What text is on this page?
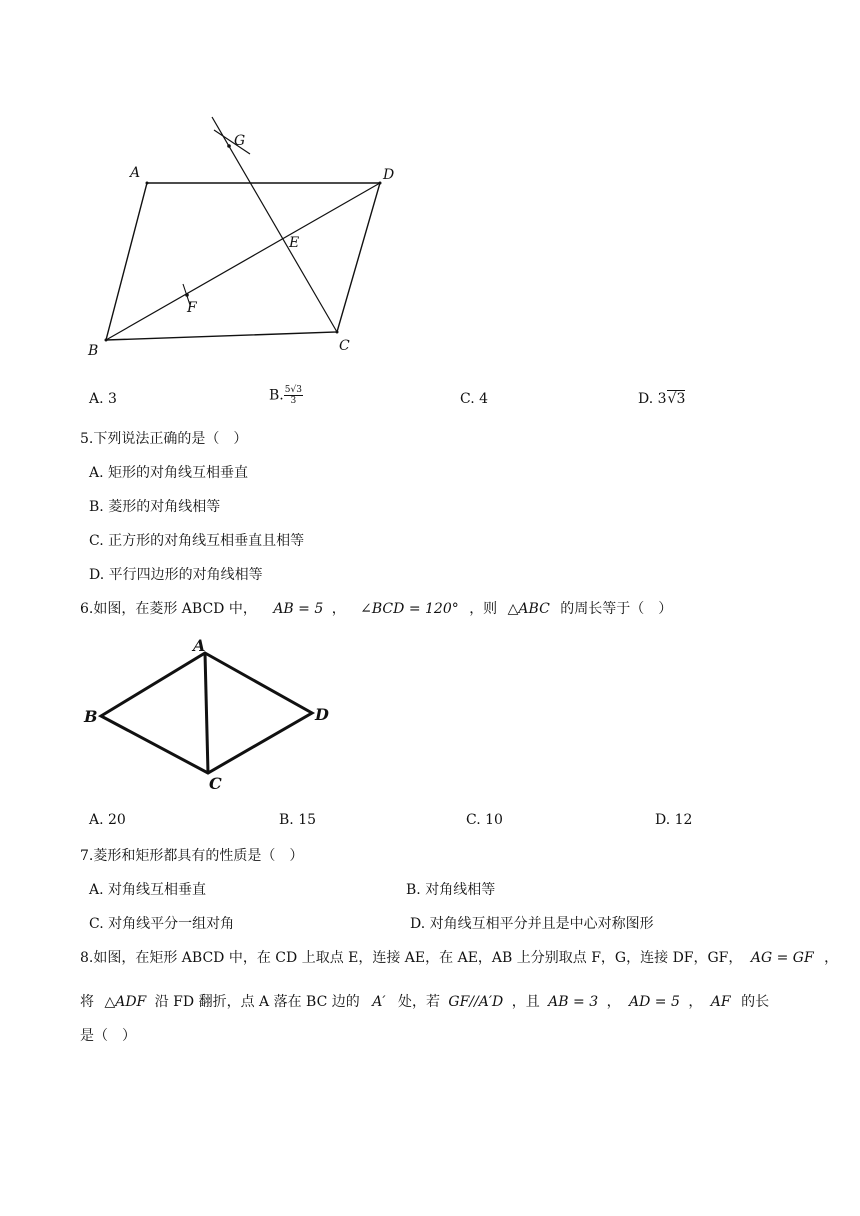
A	D
G
E
F
B	C
A. 3	B. $\frac{5√3}{3}$	C. 4	D. 3√3
5.下列说法正确的是（　）
A. 矩形的对角线互相垂直
B. 菱形的对角线相等
C. 正方形的对角线互相垂直且相等
D. 平行四边形的对角线相等
6.如图，在菱形 ABCD 中， AB = 5 ， ∠BCD = 120° ，则 △ABC 的周长等于（　）
A
B	D
C
A. 20	B. 15	C. 10	D. 12
7.菱形和矩形都具有的性质是（　）
A. 对角线互相垂直	B. 对角线相等
C. 对角线平分一组对角	D. 对角线互相平分并且是中心对称图形
8.如图，在矩形 ABCD 中，在 CD 上取点 E，连接 AE，在 AE，AB 上分别取点 F，G，连接 DF，GF， AG = GF ，
将 △ADF 沿 FD 翻折，点 A 落在 BC 边的 A′ 处，若 GF//A′D ，且 AB = 3 ， AD = 5 ， AF 的长
是（　）
